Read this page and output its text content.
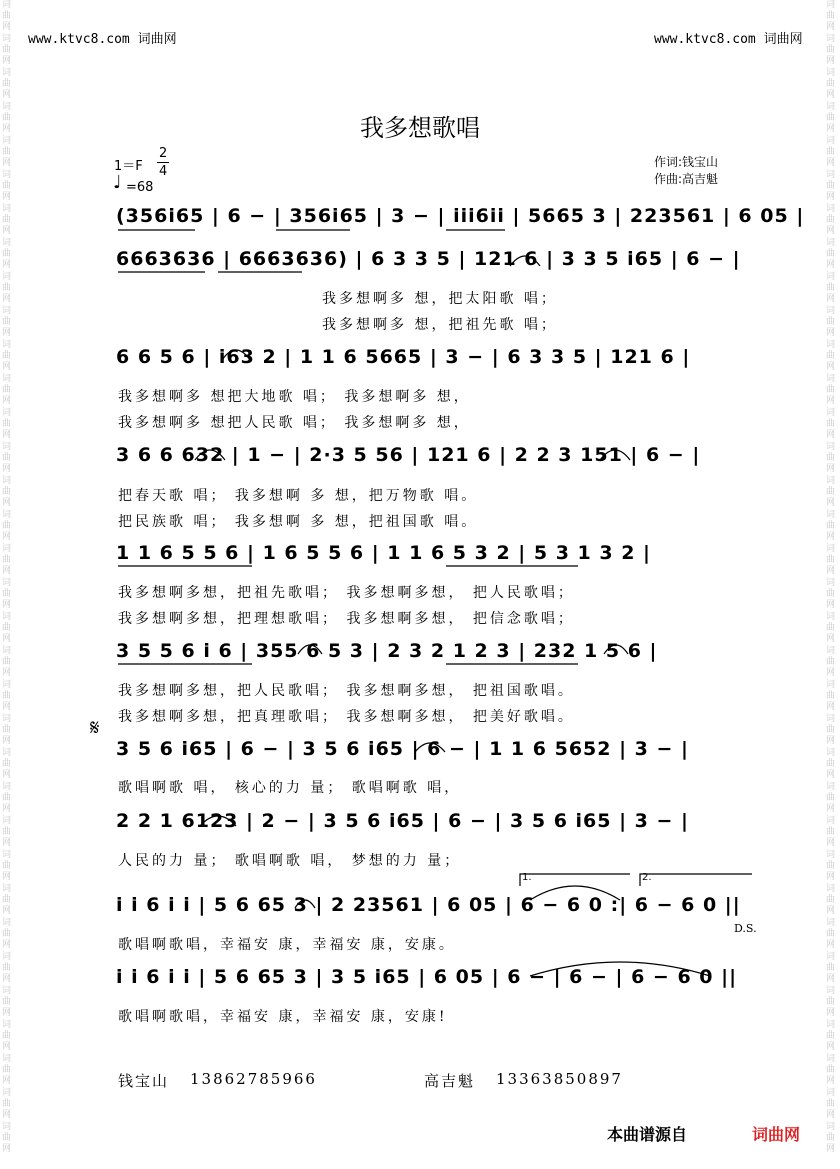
词曲网
词曲网
词曲网
词曲网
词曲网
词曲网
词曲网
词曲网
词曲网
词曲网
词曲网
词曲网
词曲网
词曲网
词曲网
词曲网
词曲网
词曲网
词曲网
词曲网
词曲网
词曲网
词曲网
词曲网
词曲网
词曲网
词曲网
词曲网
词曲网
词曲网
词曲网
词曲网
词曲网
词曲网
词曲网
词曲网
词曲网
词曲网
词曲网
词曲网
词曲网
词曲网
词曲网
词曲网
词曲网
词曲网
词曲网
词曲网
词曲网
词曲网
词曲网
词曲网
词曲网
词曲网
词曲网
词曲网
词曲网
词曲网
词曲网
词曲网
词曲网
词曲网
词曲网
词曲网
词曲网
词曲网
词曲网
词曲网
www.ktvc8.com 词曲网	www.ktvc8.com 词曲网
我多想歌唱
1＝F
2
4
♩ =68
作词:钱宝山
作曲:高吉魁
(356i65 | 6 − | 356i65 | 3 − | iii6ii | 5665 3 | 223561 | 6 05 |
6663636 | 6663636) | 6 3 3 5 | 121 6 | 3 3 5 i65 | 6 − |
我多想啊多 想，把太阳歌 唱；
我多想啊多 想，把祖先歌 唱；
6 6 5 6 | i63 2 | 1 1 6 5665 | 3 − | 6 3 3 5 | 121 6 |
我多想啊多 想把大地歌 唱； 我多想啊多 想，
我多想啊多 想把人民歌 唱； 我多想啊多 想，
3 6 6 632 | 1 − | 2·3 5 56 | 121 6 | 2 2 3 151 | 6 − |
把春天歌 唱； 我多想啊 多 想，把万物歌 唱。
把民族歌 唱； 我多想啊 多 想，把祖国歌 唱。
1 1 6 5 5 6 | 1 6 5 5 6 | 1 1 6 5 3 2 | 5 3 1 3 2 |
我多想啊多想，把祖先歌唱； 我多想啊多想， 把人民歌唱；
我多想啊多想，把理想歌唱； 我多想啊多想， 把信念歌唱；
3 5 5 6 i 6 | 355 6 5 3 | 2 3 2 1 2 3 | 232 1 5 6 |
我多想啊多想，把人民歌唱； 我多想啊多想， 把祖国歌唱。
我多想啊多想，把真理歌唱； 我多想啊多想， 把美好歌唱。
𝄋
3 5 6 i65 | 6 − | 3 5 6 i65 | 6 − | 1 1 6 5652 | 3 − |
歌唱啊歌 唱， 核心的力 量； 歌唱啊歌 唱，
2 2 1 6123 | 2 − | 3 5 6 i65 | 6 − | 3 5 6 i65 | 3 − |
人民的力 量； 歌唱啊歌 唱， 梦想的力 量；
1.	2.
i i 6 i i | 5 6 65 3 | 2 23561 | 6 05 | 6 − 6 0 :| 6 − 6 0 ||
D.S.
歌唱啊歌唱，幸福安 康，幸福安 康，安康。
i i 6 i i | 5 6 65 3 | 3 5 i65 | 6 05 | 6 − | 6 − | 6 − 6 0 ||
歌唱啊歌唱，幸福安 康，幸福安 康，安康!
钱宝山 13862785966	高吉魁 13363850897
本曲谱源自	词曲网
